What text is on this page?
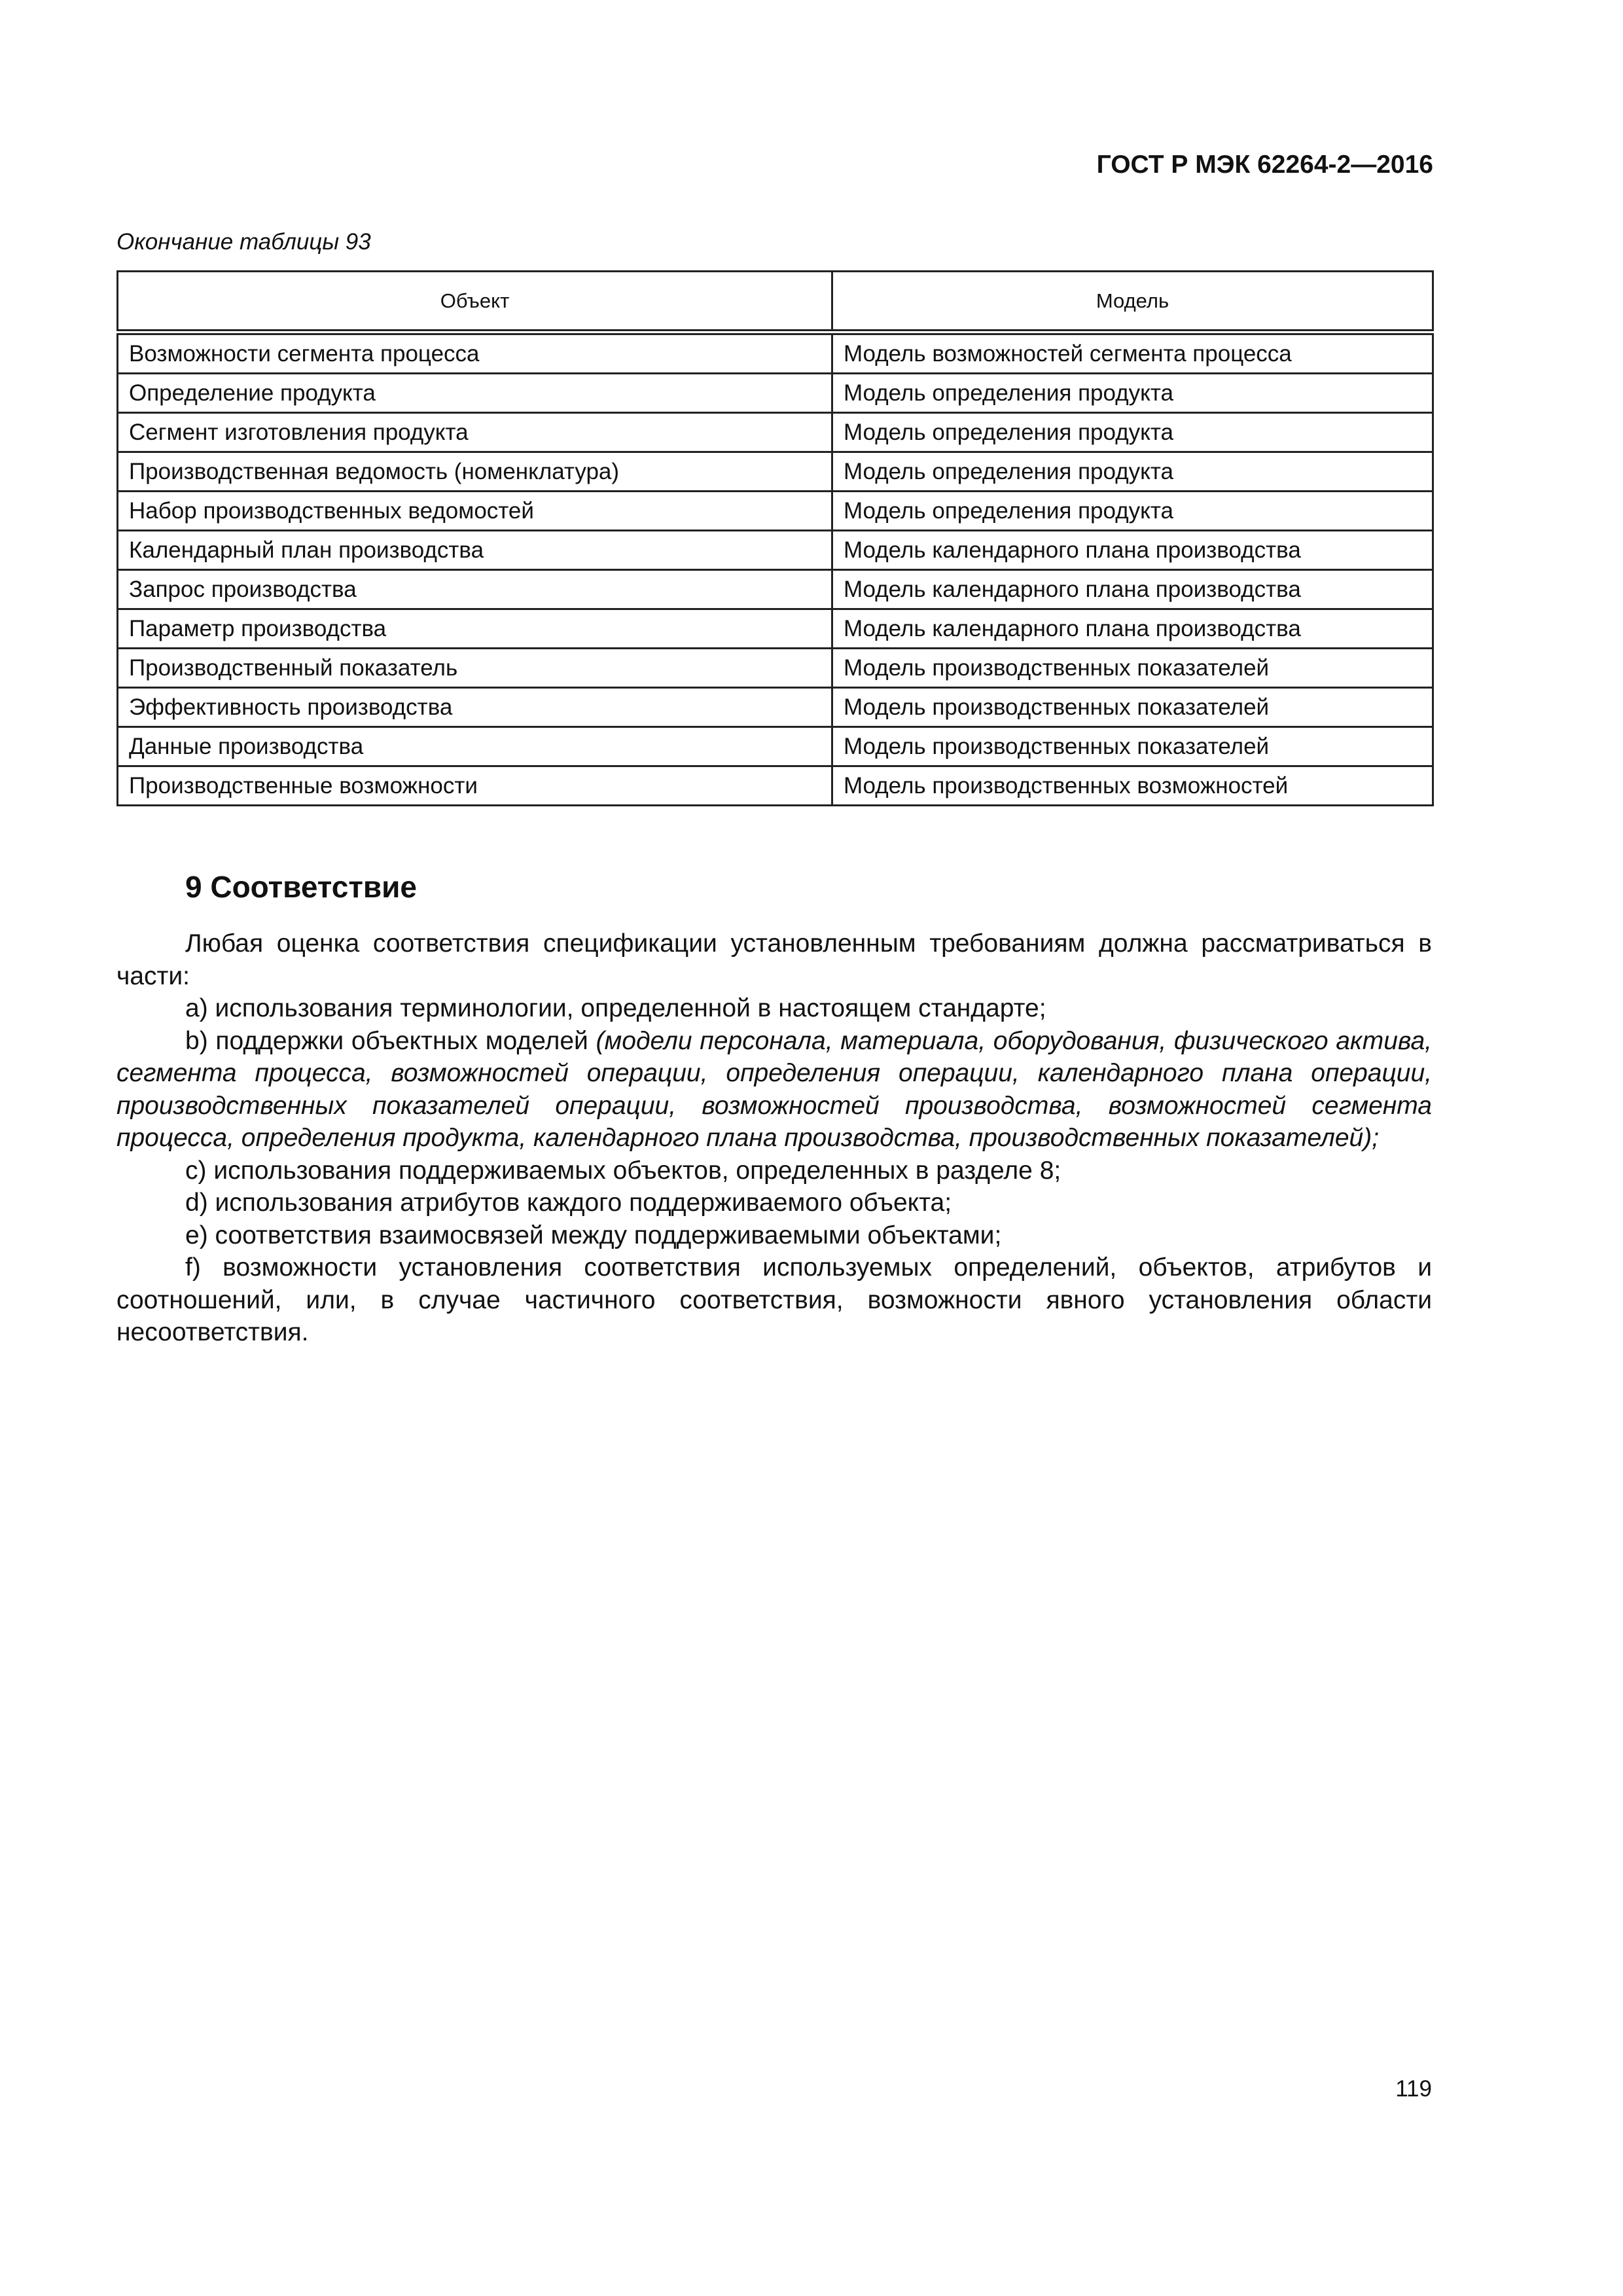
ГОСТ Р МЭК 62264-2—2016
Окончание таблицы 93
Объект	Модель
Возможности сегмента процесса	Модель возможностей сегмента процесса
Определение продукта	Модель определения продукта
Сегмент изготовления продукта	Модель определения продукта
Производственная ведомость (номенклатура)	Модель определения продукта
Набор производственных ведомостей	Модель определения продукта
Календарный план производства	Модель календарного плана производства
Запрос производства	Модель календарного плана производства
Параметр производства	Модель календарного плана производства
Производственный показатель	Модель производственных показателей
Эффективность производства	Модель производственных показателей
Данные производства	Модель производственных показателей
Производственные возможности	Модель производственных возможностей
9 Соответствие

Любая оценка соответствия спецификации установленным требованиям должна рассматриваться в части:

а) использования терминологии, определенной в настоящем стандарте;

b) поддержки объектных моделей (модели персонала, материала, оборудования, физического актива, сегмента процесса, возможностей операции, определения операции, календарного плана операции, производственных показателей операции, возможностей производства, возможностей сегмента процесса, определения продукта, календарного плана производства, производственных показателей);

с) использования поддерживаемых объектов, определенных в разделе 8;

d) использования атрибутов каждого поддерживаемого объекта;

е) соответствия взаимосвязей между поддерживаемыми объектами;

f) возможности установления соответствия используемых определений, объектов, атрибутов и соотношений, или, в случае частичного соответствия, возможности явного установления области несоответствия.

119
